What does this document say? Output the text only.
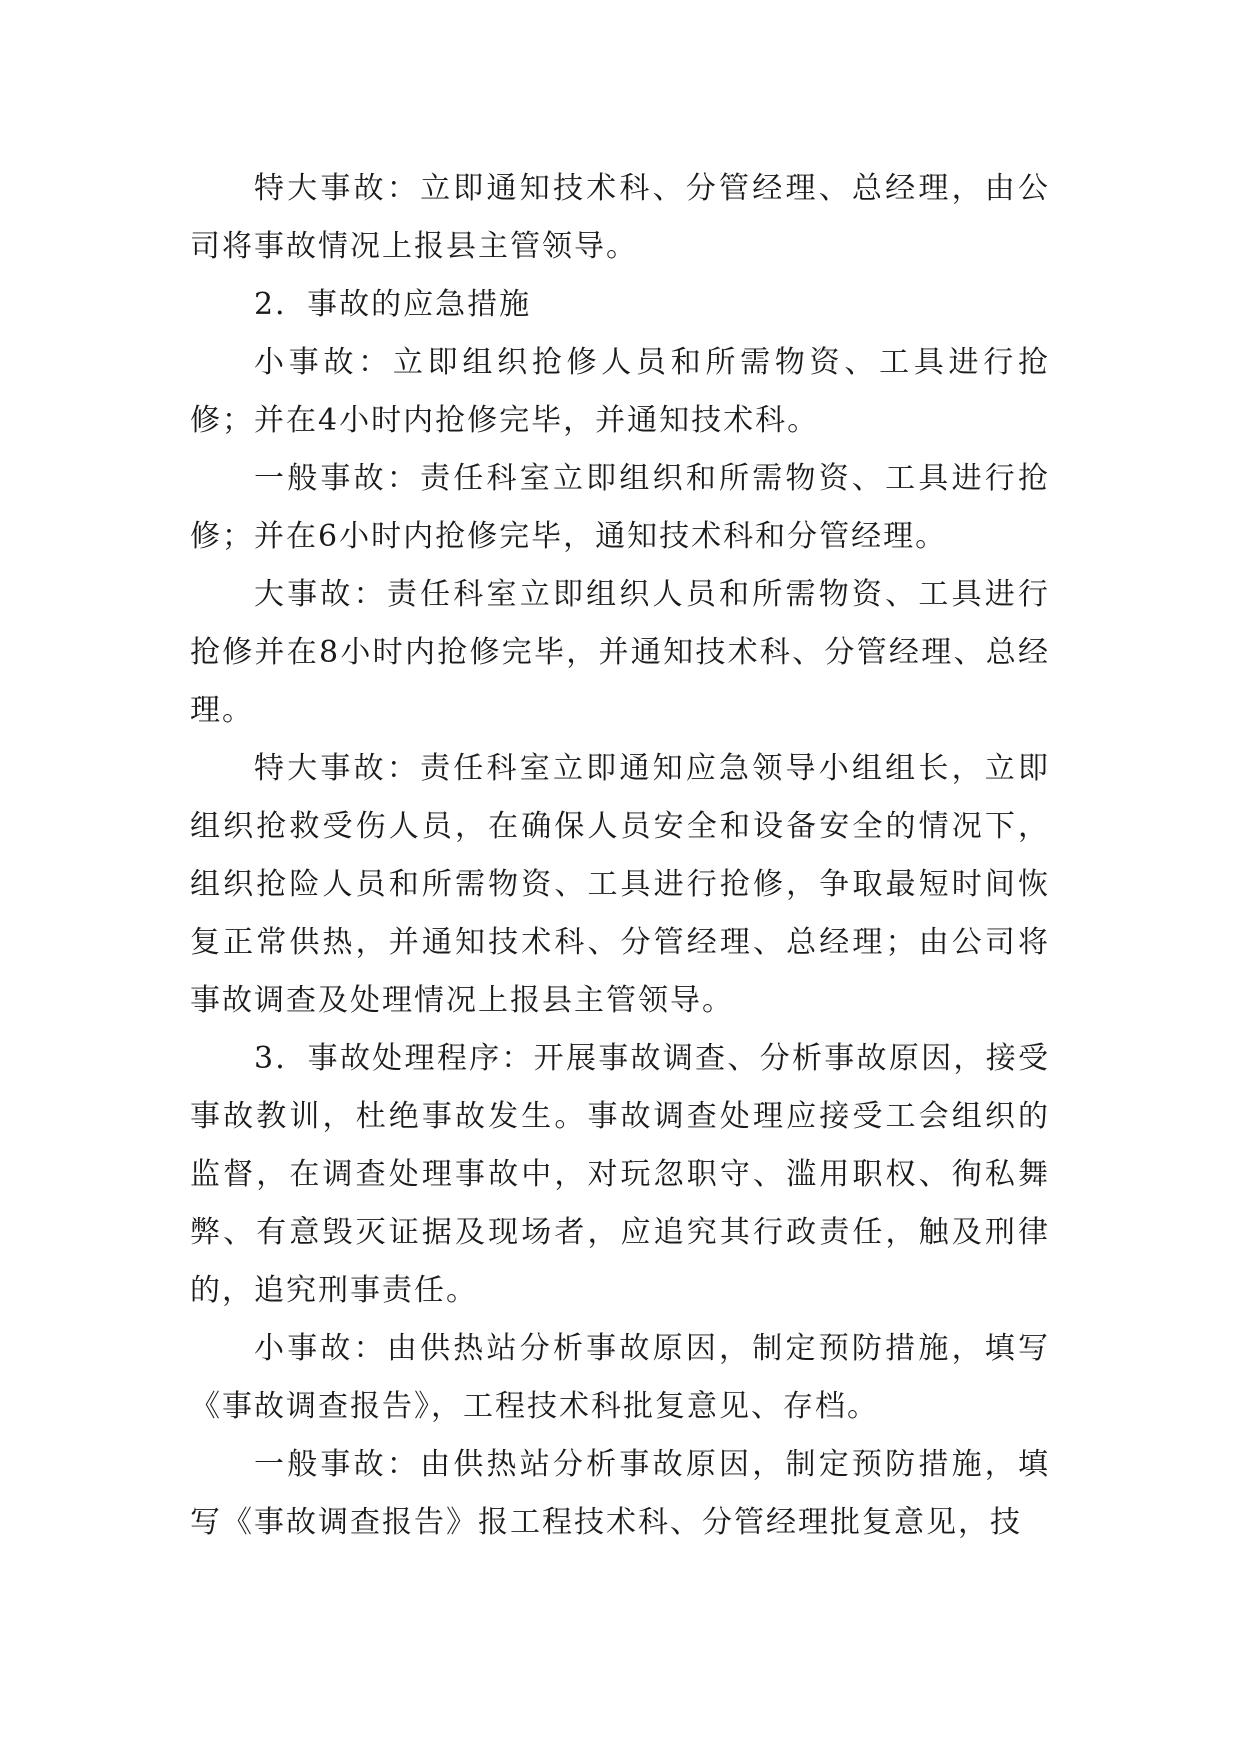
特大事故：立即通知技术科、分管经理、总经理，由公司将事故情况上报县主管领导。

2．事故的应急措施

小事故：立即组织抢修人员和所需物资、工具进行抢修；并在4小时内抢修完毕，并通知技术科。

一般事故：责任科室立即组织和所需物资、工具进行抢修；并在6小时内抢修完毕，通知技术科和分管经理。

大事故：责任科室立即组织人员和所需物资、工具进行抢修并在8小时内抢修完毕，并通知技术科、分管经理、总经理。

特大事故：责任科室立即通知应急领导小组组长，立即组织抢救受伤人员，在确保人员安全和设备安全的情况下，组织抢险人员和所需物资、工具进行抢修，争取最短时间恢复正常供热，并通知技术科、分管经理、总经理；由公司将事故调查及处理情况上报县主管领导。

3．事故处理程序：开展事故调查、分析事故原因，接受事故教训，杜绝事故发生。事故调查处理应接受工会组织的监督，在调查处理事故中，对玩忽职守、滥用职权、徇私舞弊、有意毁灭证据及现场者，应追究其行政责任，触及刑律的，追究刑事责任。

小事故：由供热站分析事故原因，制定预防措施，填写《事故调查报告》，工程技术科批复意见、存档。

一般事故：由供热站分析事故原因，制定预防措施，填写《事故调查报告》报工程技术科、分管经理批复意见，技
